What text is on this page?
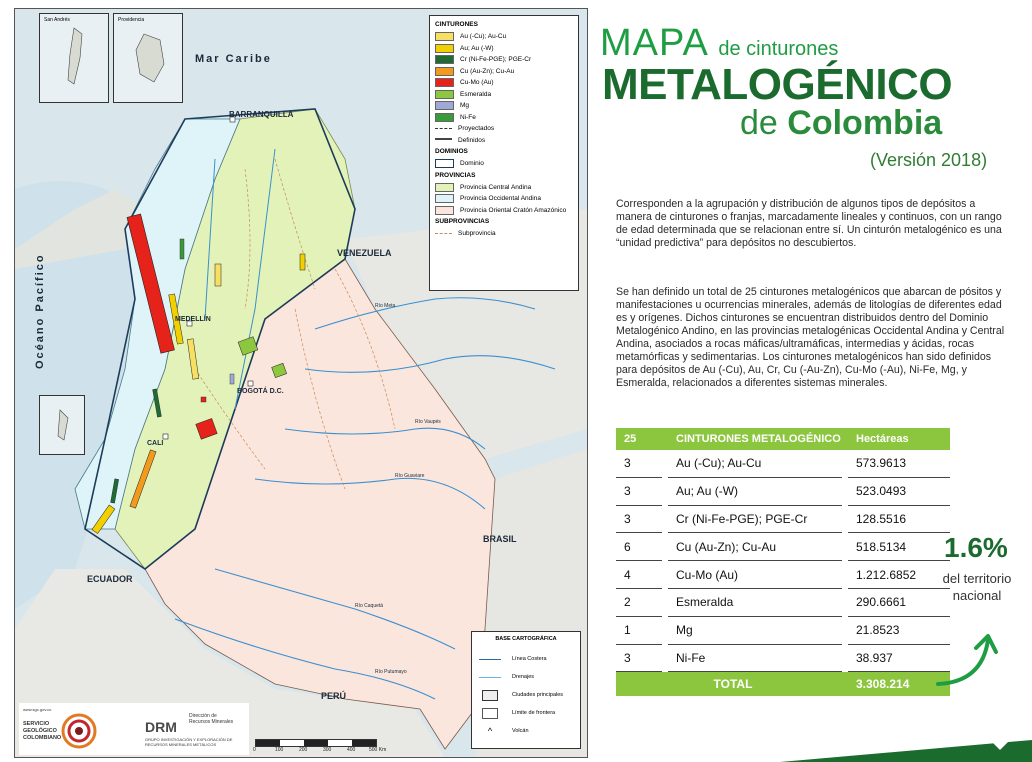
BARRANQUILLA
MEDELLÍN
BOGOTÁ D.C.
CALI
VENEZUELA
ECUADOR
BRASIL
PERÚ
Mar Caribe
Océano Pacífico	Río Meta
Río Guaviare
Río Caquetá
Río Putumayo
Río Vaupés
San Andrés	Providencia
CINTURONES
Au (-Cu); Au-Cu
Au; Au (-W)
Cr (Ni-Fe-PGE); PGE-Cr
Cu (Au-Zn); Cu-Au
Cu-Mo (Au)
Esmeralda
Mg
Ni-Fe
Proyectados
Definidos
DOMINIOS
Dominio
PROVINCIAS
Provincia Central Andina
Provincia Occidental Andina
Provincia Oriental Cratón Amazónico
SUBPROVINCIAS
Subprovincia
BASE CARTOGRÁFICA
Línea Costera
Drenajes
Ciudades principales
Límite de frontera
^	Volcán
www.sgc.gov.co
SERVICIO GEOLÓGICO COLOMBIANO
DRM
Dirección de Recursos Minerales
GRUPO INVESTIGACIÓN Y EXPLORACIÓN DE RECURSOS MINERALES METÁLICOS
0	100	200	300	400	500 Km
MAPA de cinturones
METALOGÉNICO
de Colombia
(Versión 2018)

Corresponden a la agrupación y distribución de algunos tipos de depósitos a manera de cinturones o franjas, marcadamente lineales y continuos, con un rango de edad determinada que se relacionan entre sí. Un cinturón metalogénico es una “unidad predictiva” para depósitos no descubiertos.

Se han definido un total de 25 cinturones metalogénicos que abarcan de pósitos y manifestaciones u ocurrencias minerales, además de litologías de diferentes edad es y orígenes. Dichos cinturones se encuentran distribuidos dentro del Dominio Metalogénico Andino, en las provincias metalogénicas Occidental Andina y Central Andina, asociados a rocas máficas/ultramáficas, intermedias y ácidas, rocas metamórficas y sedimentarias. Los cinturones metalogénicos han sido definidos para depósitos de Au (-Cu), Au, Cr, Cu (-Au-Zn), Cu-Mo (-Au), Ni-Fe, Mg, y Esmeralda, relacionados a diferentes sistemas minerales.

25		CINTURONES METALOGÉNICO		Hectáreas
3		Au (-Cu); Au-Cu		573.9613
3		Au; Au (-W)		523.0493
3		Cr (Ni-Fe-PGE); PGE-Cr		128.5516
6		Cu (Au-Zn); Cu-Au		518.5134
4		Cu-Mo (Au)		1.212.6852
2		Esmeralda		290.6661
1		Mg		21.8523
3		Ni-Fe		38.937
TOTAL				3.308.214
1.6%
del territorio nacional
